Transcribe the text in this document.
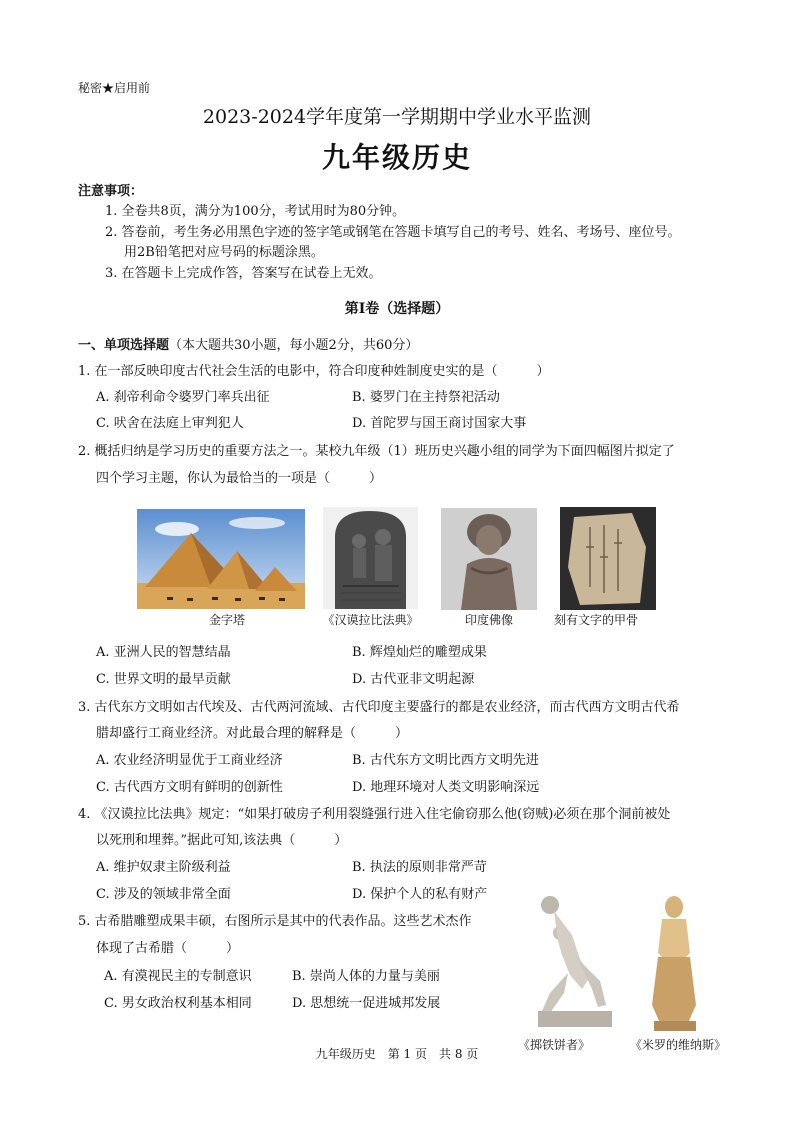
秘密★启用前
2023-2024学年度第一学期期中学业水平监测
九年级历史
注意事项：
1. 全卷共8页，满分为100分，考试用时为80分钟。
2. 答卷前，考生务必用黑色字迹的签字笔或钢笔在答题卡填写自己的考号、姓名、考场号、座位号。
用2B铅笔把对应号码的标题涂黑。
3. 在答题卡上完成作答，答案写在试卷上无效。
第Ⅰ卷（选择题）
一、单项选择题（本大题共30小题，每小题2分，共60分）
1. 在一部反映印度古代社会生活的电影中，符合印度种姓制度史实的是（　　　）
A. 刹帝利命令婆罗门率兵出征	B. 婆罗门在主持祭祀活动
C. 吠舍在法庭上审判犯人	D. 首陀罗与国王商讨国家大事
2. 概括归纳是学习历史的重要方法之一。某校九年级（1）班历史兴趣小组的同学为下面四幅图片拟定了
四个学习主题，你认为最恰当的一项是（　　　）
金字塔	《汉谟拉比法典》	印度佛像	刻有文字的甲骨
A. 亚洲人民的智慧结晶	B. 辉煌灿烂的雕塑成果
C. 世界文明的最早贡献	D. 古代亚非文明起源
3. 古代东方文明如古代埃及、古代两河流域、古代印度主要盛行的都是农业经济，而古代西方文明古代希
腊却盛行工商业经济。对此最合理的解释是（　　　）
A. 农业经济明显优于工商业经济	B. 古代东方文明比西方文明先进
C. 古代西方文明有鲜明的创新性	D. 地理环境对人类文明影响深远
4. 《汉谟拉比法典》规定：“如果打破房子利用裂缝强行进入住宅偷窃那么他(窃贼)必须在那个洞前被处
以死刑和埋葬。”据此可知,该法典（　　　）
A. 维护奴隶主阶级利益	B. 执法的原则非常严苛
C. 涉及的领域非常全面	D. 保护个人的私有财产
5. 古希腊雕塑成果丰硕，右图所示是其中的代表作品。这些艺术杰作
体现了古希腊（　　　）
A. 有漠视民主的专制意识	B. 崇尚人体的力量与美丽
C. 男女政治权利基本相同	D. 思想统一促进城邦发展
《掷铁饼者》	《米罗的维纳斯》
九年级历史　第 1 页　共 8 页
